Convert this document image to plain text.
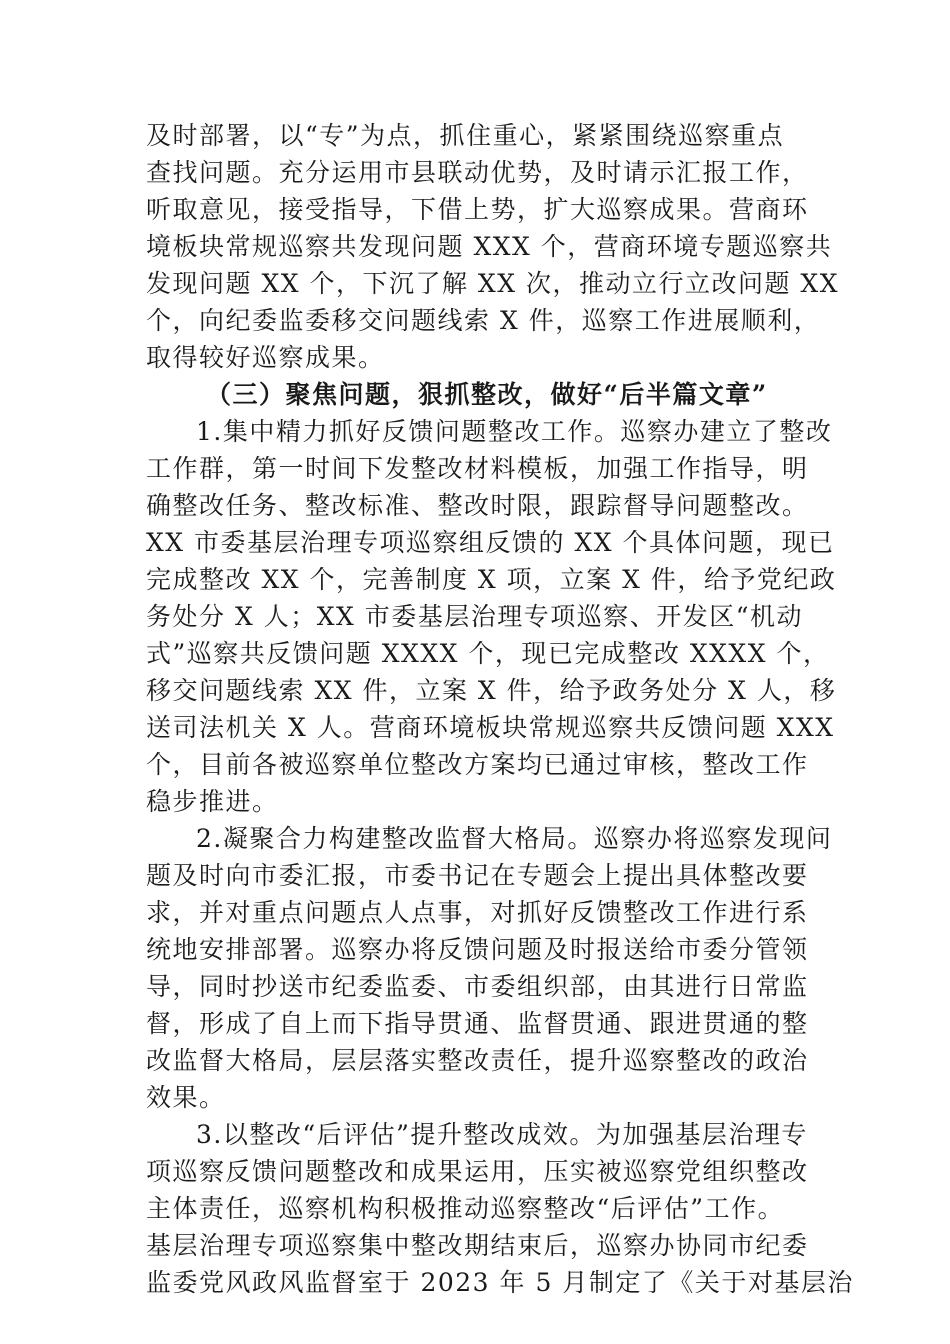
及时部署，以“专”为点，抓住重心，紧紧围绕巡察重点
查找问题。充分运用市县联动优势，及时请示汇报工作，
听取意见，接受指导，下借上势，扩大巡察成果。营商环
境板块常规巡察共发现问题 XXX 个，营商环境专题巡察共
发现问题 XX 个，下沉了解 XX 次，推动立行立改问题 XX
个，向纪委监委移交问题线索 X 件，巡察工作进展顺利，
取得较好巡察成果。
（三）聚焦问题，狠抓整改，做好“后半篇文章”
1.集中精力抓好反馈问题整改工作。巡察办建立了整改
工作群，第一时间下发整改材料模板，加强工作指导，明
确整改任务、整改标准、整改时限，跟踪督导问题整改。
XX 市委基层治理专项巡察组反馈的 XX 个具体问题，现已
完成整改 XX 个，完善制度 X 项，立案 X 件，给予党纪政
务处分 X 人；XX 市委基层治理专项巡察、开发区“机动
式”巡察共反馈问题 XXXX 个，现已完成整改 XXXX 个，
移交问题线索 XX 件，立案 X 件，给予政务处分 X 人，移
送司法机关 X 人。营商环境板块常规巡察共反馈问题 XXX
个，目前各被巡察单位整改方案均已通过审核，整改工作
稳步推进。
2.凝聚合力构建整改监督大格局。巡察办将巡察发现问
题及时向市委汇报，市委书记在专题会上提出具体整改要
求，并对重点问题点人点事，对抓好反馈整改工作进行系
统地安排部署。巡察办将反馈问题及时报送给市委分管领
导，同时抄送市纪委监委、市委组织部，由其进行日常监
督，形成了自上而下指导贯通、监督贯通、跟进贯通的整
改监督大格局，层层落实整改责任，提升巡察整改的政治
效果。
3.以整改“后评估”提升整改成效。为加强基层治理专
项巡察反馈问题整改和成果运用，压实被巡察党组织整改
主体责任，巡察机构积极推动巡察整改“后评估”工作。
基层治理专项巡察集中整改期结束后，巡察办协同市纪委
监委党风政风监督室于 2023 年 5 月制定了《关于对基层治
